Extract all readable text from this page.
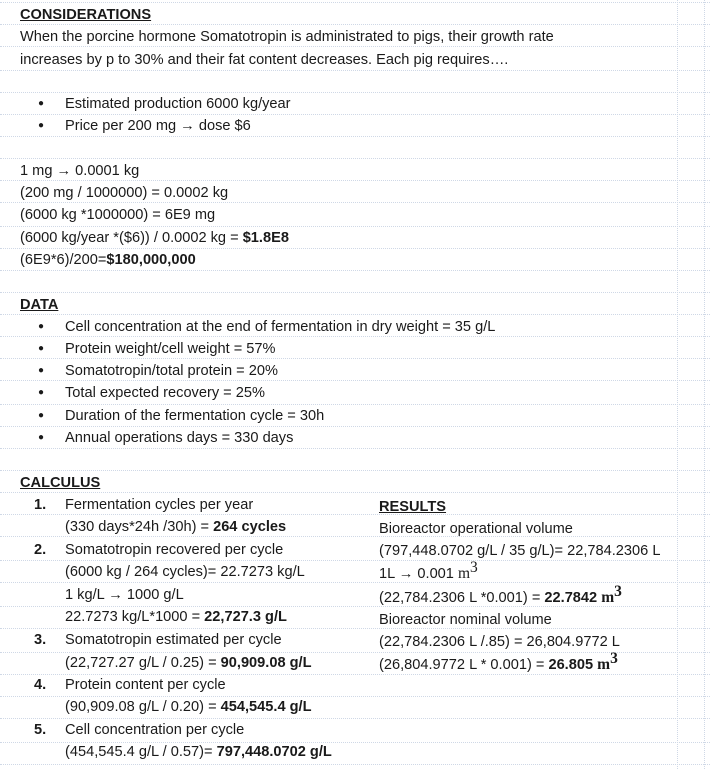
CONSIDERATIONS
When the porcine hormone Somatotropin is administrated to pigs, their growth rate
increases by p to 30% and their fat content decreases. Each pig requires….
● Estimated production 6000 kg/year
● Price per 200 mg → dose $6
1 mg → 0.0001 kg
(200 mg / 1000000) = 0.0002 kg
(6000 kg *1000000) = 6E9 mg
(6000 kg/year *($6)) / 0.0002 kg = $1.8E8
(6E9*6)/200=$180,000,000
DATA
● Cell concentration at the end of fermentation in dry weight = 35 g/L
● Protein weight/cell weight = 57%
● Somatotropin/total protein = 20%
● Total expected recovery = 25%
● Duration of the fermentation cycle = 30h
● Annual operations days = 330 days
CALCULUS
1. Fermentation cycles per year
(330 days*24h /30h) = 264 cycles
2. Somatotropin recovered per cycle
(6000 kg / 264 cycles)= 22.7273 kg/L
1 kg/L → 1000 g/L
22.7273 kg/L*1000 = 22,727.3 g/L
3. Somatotropin estimated per cycle
(22,727.27 g/L / 0.25) = 90,909.08 g/L
4. Protein content per cycle
(90,909.08 g/L / 0.20) = 454,545.4 g/L
5. Cell concentration per cycle
(454,545.4 g/L / 0.57)= 797,448.0702 g/L
RESULTS
Bioreactor operational volume
(797,448.0702 g/L / 35 g/L)= 22,784.2306 L
1L → 0.001 $m^3$
(22,784.2306 L *0.001) = 22.7842 $m^3$
Bioreactor nominal volume
(22,784.2306 L /.85) = 26,804.9772 L
(26,804.9772 L * 0.001) = 26.805 $m^3$
